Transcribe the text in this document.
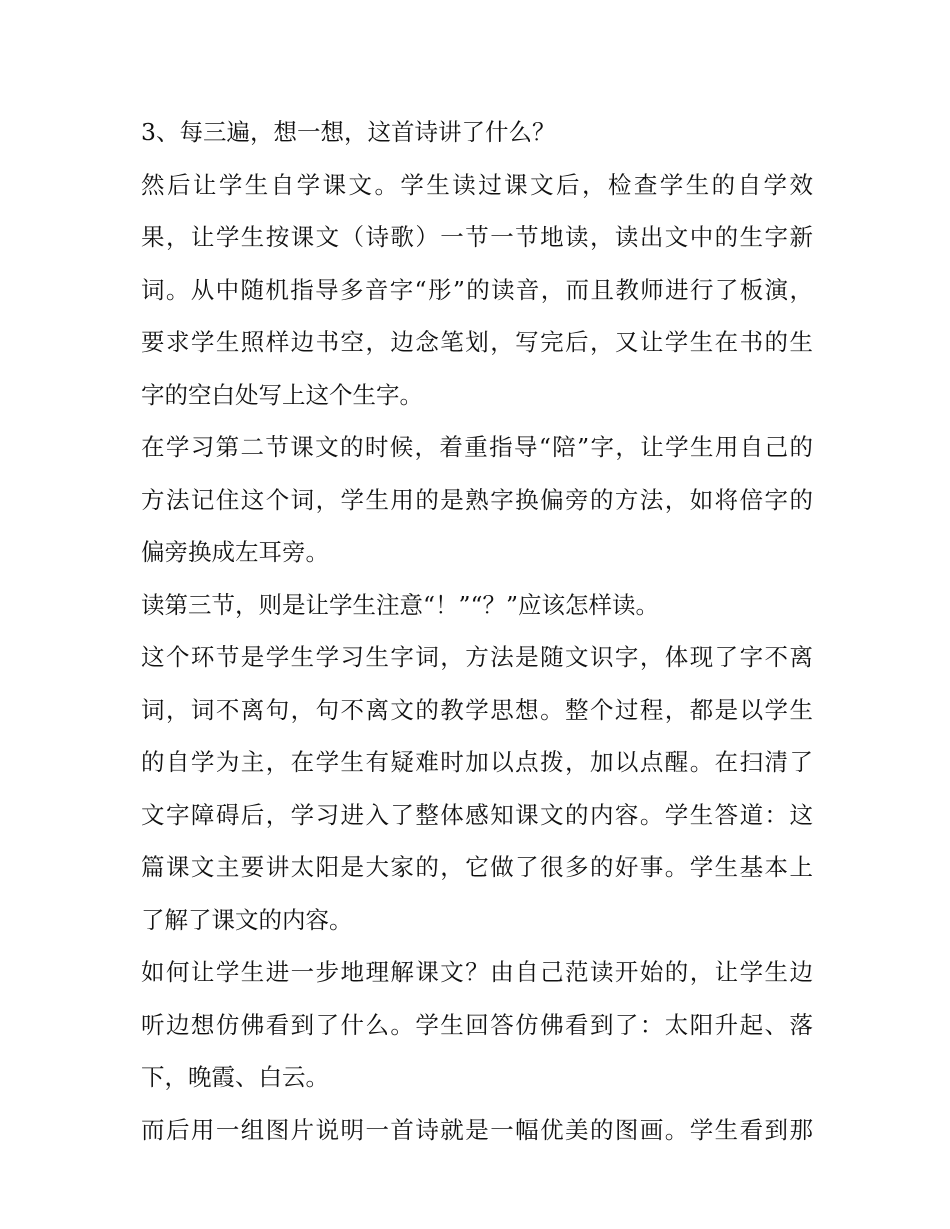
3、每三遍，想一想，这首诗讲了什么？
然后让学生自学课文。学生读过课文后，检查学生的自学效
果，让学生按课文（诗歌）一节一节地读，读出文中的生字新
词。从中随机指导多音字“彤”的读音，而且教师进行了板演，
要求学生照样边书空，边念笔划，写完后，又让学生在书的生
字的空白处写上这个生字。
在学习第二节课文的时候，着重指导“陪”字，让学生用自己的
方法记住这个词，学生用的是熟字换偏旁的方法，如将倍字的
偏旁换成左耳旁。
读第三节，则是让学生注意“！”“？”应该怎样读。
这个环节是学生学习生字词，方法是随文识字，体现了字不离
词，词不离句，句不离文的教学思想。整个过程，都是以学生
的自学为主，在学生有疑难时加以点拨，加以点醒。在扫清了
文字障碍后，学习进入了整体感知课文的内容。学生答道：这
篇课文主要讲太阳是大家的，它做了很多的好事。学生基本上
了解了课文的内容。
如何让学生进一步地理解课文？由自己范读开始的，让学生边
听边想仿佛看到了什么。学生回答仿佛看到了：太阳升起、落
下，晚霞、白云。
而后用一组图片说明一首诗就是一幅优美的图画。学生看到那
